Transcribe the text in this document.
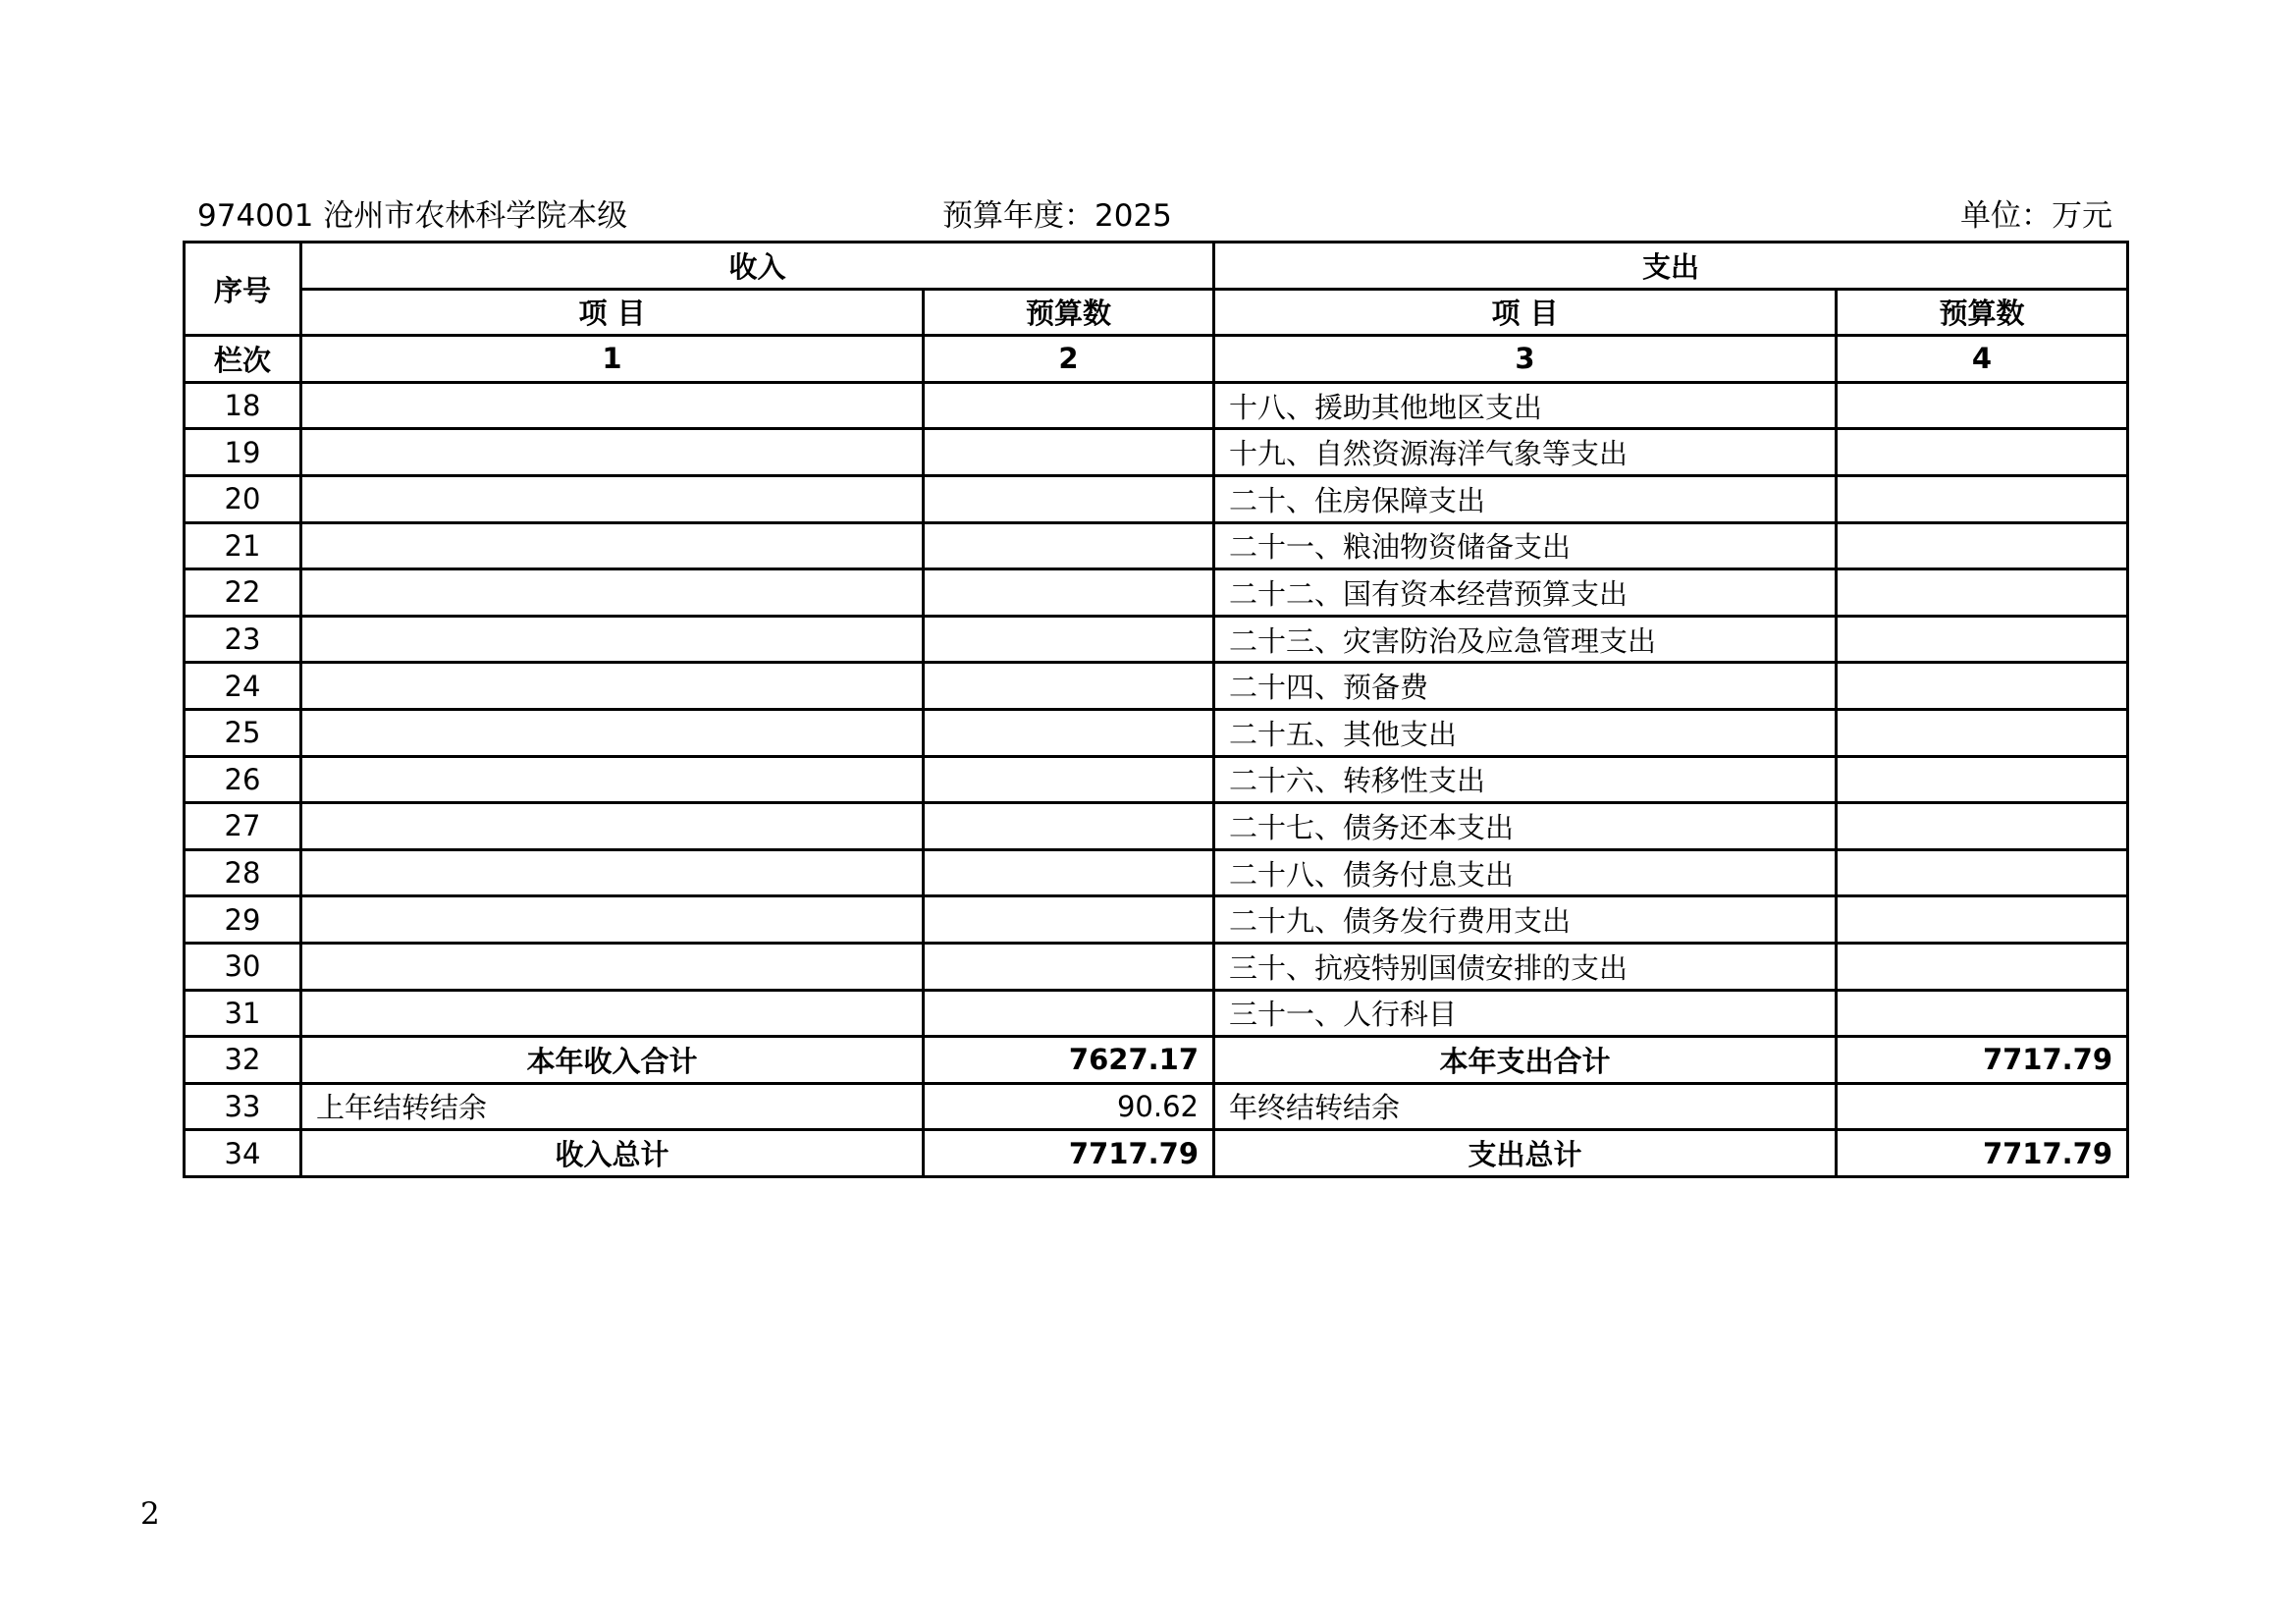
974001 沧州市农林科学院本级	预算年度：2025	单位：万元
序号	收入		支出	
	项 目	预算数	项 目	预算数
栏次	1	2	3	4
18			十八、援助其他地区支出	
19			十九、自然资源海洋气象等支出	
20			二十、住房保障支出	
21			二十一、粮油物资储备支出	
22			二十二、国有资本经营预算支出	
23			二十三、灾害防治及应急管理支出	
24			二十四、预备费	
25			二十五、其他支出	
26			二十六、转移性支出	
27			二十七、债务还本支出	
28			二十八、债务付息支出	
29			二十九、债务发行费用支出	
30			三十、抗疫特别国债安排的支出	
31			三十一、人行科目	
32	本年收入合计	7627.17	本年支出合计	7717.79
33	上年结转结余	90.62	年终结转结余	
34	收入总计	7717.79	支出总计	7717.79
2
